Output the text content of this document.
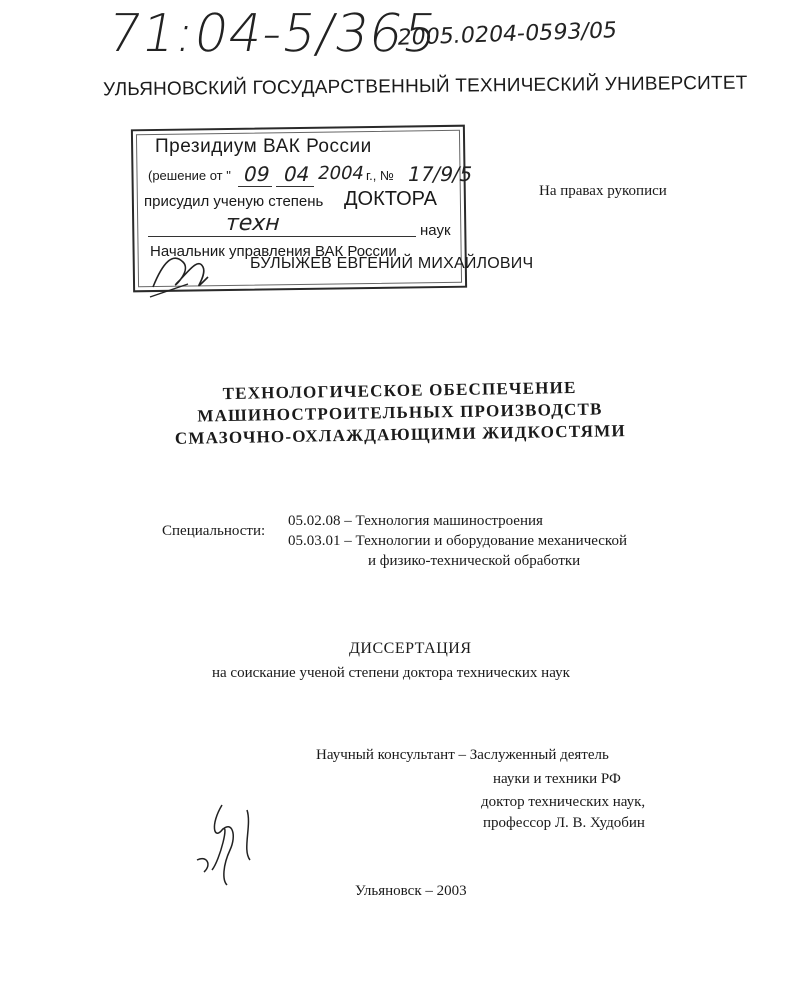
71:04-5/365
2005.0204-0593/05
УЛЬЯНОВСКИЙ ГОСУДАРСТВЕННЫЙ ТЕХНИЧЕСКИЙ УНИВЕРСИТЕТ
Президиум ВАК России
(решение от " 09 04 2004 г., № 17/9/5
присудил ученую степень ДОКТОРА
техн	наук
Начальник управления ВАК России
БУЛЫЖЕВ ЕВГЕНИЙ МИХАЙЛОВИЧ
На правах рукописи
ТЕХНОЛОГИЧЕСКОЕ ОБЕСПЕЧЕНИЕ
МАШИНОСТРОИТЕЛЬНЫХ ПРОИЗВОДСТВ
СМАЗОЧНО-ОХЛАЖДАЮЩИМИ ЖИДКОСТЯМИ
Специальности:
05.02.08 – Технология машиностроения
05.03.01 – Технологии и оборудование механической
и физико-технической обработки
ДИССЕРТАЦИЯ
на соискание ученой степени доктора технических наук
Научный консультант – Заслуженный деятель
науки и техники РФ
доктор технических наук,
профессор Л. В. Худобин
Ульяновск – 2003
